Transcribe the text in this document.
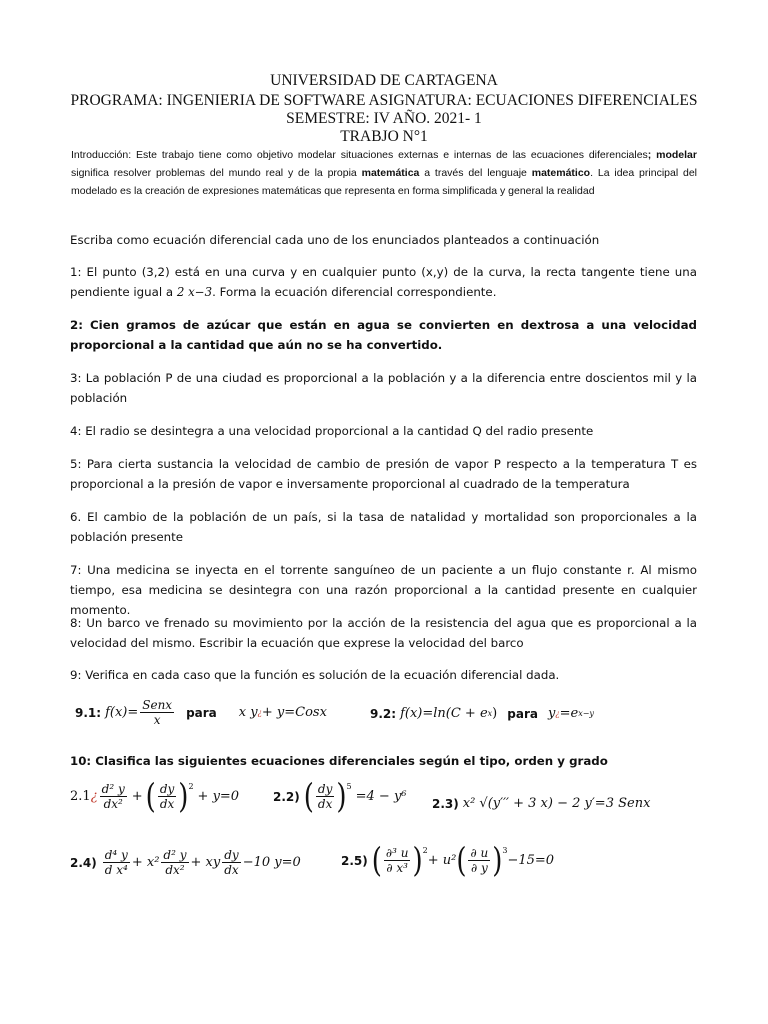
UNIVERSIDAD DE CARTAGENA
PROGRAMA: INGENIERIA DE SOFTWARE ASIGNATURA: ECUACIONES DIFERENCIALES
SEMESTRE: IV AÑO. 2021- 1
TRABJO N°1
Introducción: Este trabajo tiene como objetivo modelar situaciones externas e internas de las ecuaciones diferenciales; modelar significa resolver problemas del mundo real y de la propia matemática a través del lenguaje matemático. La idea principal del modelado es la creación de expresiones matemáticas que representa en forma simplificada y general la realidad
Escriba como ecuación diferencial cada uno de los enunciados planteados a continuación
1: El punto (3,2) está en una curva y en cualquier punto (x,y) de la curva, la recta tangente tiene una pendiente igual a 2 x−3. Forma la ecuación diferencial correspondiente.
2: Cien gramos de azúcar que están en agua se convierten en dextrosa a una velocidad proporcional a la cantidad que aún no se ha convertido.
3: La población P de una ciudad es proporcional a la población y a la diferencia entre doscientos mil y la población
4: El radio se desintegra a una velocidad proporcional a la cantidad Q del radio presente
5: Para cierta sustancia la velocidad de cambio de presión de vapor P respecto a la temperatura T es proporcional a la presión de vapor e inversamente proporcional al cuadrado de la temperatura
6. El cambio de la población de un país, si la tasa de natalidad y mortalidad son proporcionales a la población presente
7: Una medicina se inyecta en el torrente sanguíneo de un paciente a un flujo constante r. Al mismo tiempo, esa medicina se desintegra con una razón proporcional a la cantidad presente en cualquier momento.
8: Un barco ve frenado su movimiento por la acción de la resistencia del agua que es proporcional a la velocidad del mismo. Escribir la ecuación que exprese la velocidad del barco
9: Verifica en cada caso que la función es solución de la ecuación diferencial dada.
9.1: $f(x)= \frac{\text{Senx}}{x}$ para x y ¿ + y=Cosx	9.2: f(x)=ln(C + e x ) para y ¿ =e x−y
10: Clasifica las siguientes ecuaciones diferenciales según el tipo, orden y grado
2.1 ¿ $\frac{\text{d² y}}{\text{dx²}}$ + ( $\frac{dy}{dx} )^2$
+ y=0	2.2) ( $\frac{dy}{dx} )^5$
=4 − y⁶ 2.3) x² √(y′′′ + 3 x) − 2 y′=3 Senx
$2.4) \frac{\text{d⁴ y}}{\text{d x⁴}} + x^2 \frac{\text{d² y}}{\text{dx²}}$ + xy $\frac{dy}{dx} -10$ y=0	2.5) ( $\frac{\text{∂³ u}}{\text{∂ x³}} )^2$
+ u² ( $\frac{\partial u}{\partial y} )^3$
−15=0
